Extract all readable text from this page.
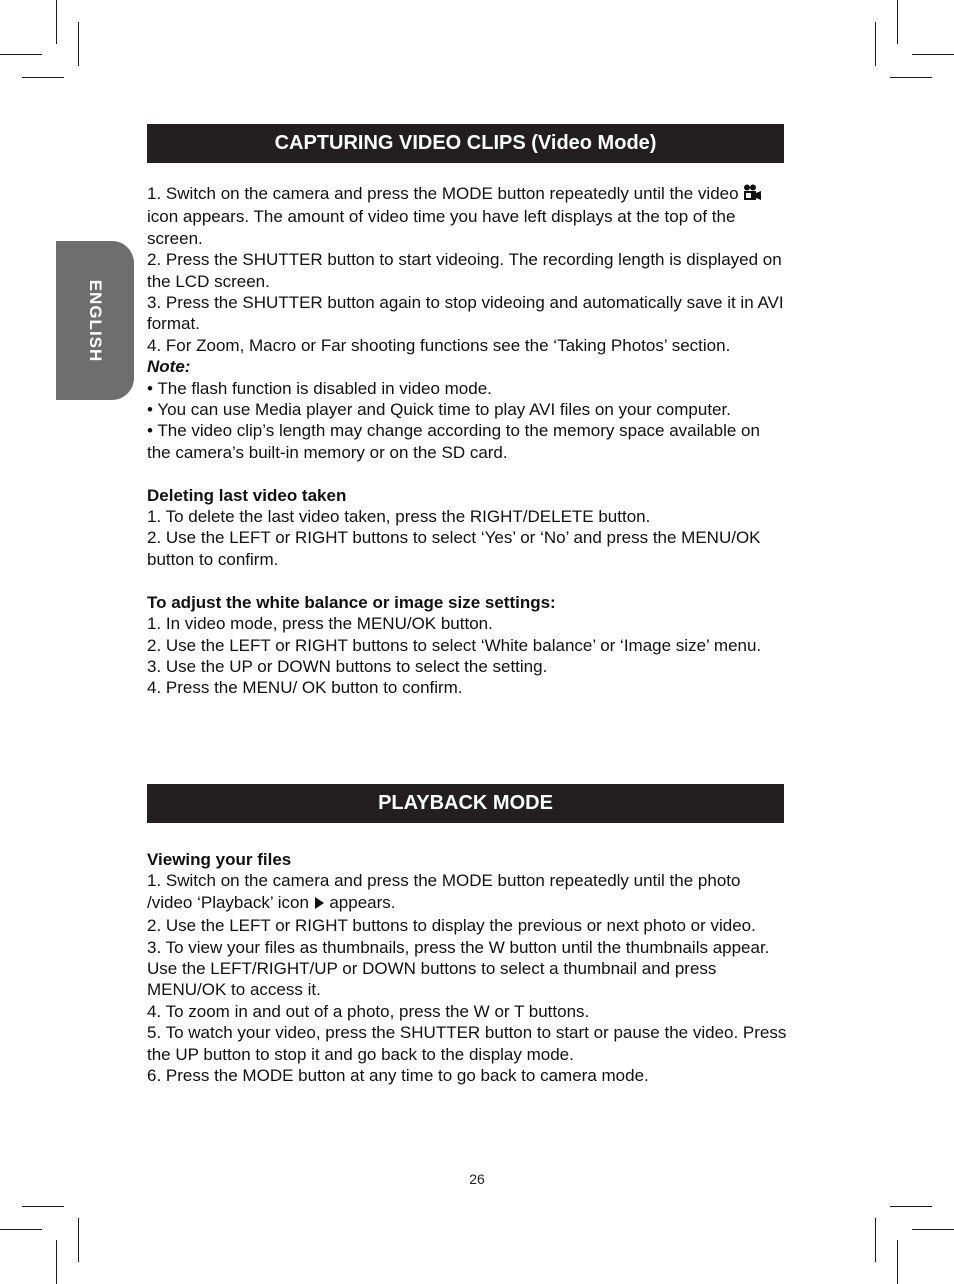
ENGLISH
CAPTURING VIDEO CLIPS (Video Mode)

1. Switch on the camera and press the MODE button repeatedly until the video  icon appears. The amount of video time you have left displays at the top of the screen.

2. Press the SHUTTER button to start videoing. The recording length is displayed on the LCD screen.

3. Press the SHUTTER button again to stop videoing and automatically save it in AVI format.

4. For Zoom, Macro or Far shooting functions see the ‘Taking Photos’ section.

Note:

• The flash function is disabled in video mode.

• You can use Media player and Quick time to play AVI files on your computer.

• The video clip’s length may change according to the memory space available on the camera’s built-in memory or on the SD card.

Deleting last video taken

1. To delete the last video taken, press the RIGHT/DELETE button.

2. Use the LEFT or RIGHT buttons to select ‘Yes’ or ‘No’ and press the MENU/OK button to confirm.

To adjust the white balance or image size settings:

1. In video mode, press the MENU/OK button.

2. Use the LEFT or RIGHT buttons to select ‘White balance’ or ‘Image size’ menu.

3. Use the UP or DOWN buttons to select the setting.

4. Press the MENU/ OK button to confirm.

PLAYBACK MODE

Viewing your files

1. Switch on the camera and press the MODE button repeatedly until the photo /video ‘Playback’ icon  appears.

2. Use the LEFT or RIGHT buttons to display the previous or next photo or video.

3. To view your files as thumbnails, press the W button until the thumbnails appear. Use the LEFT/RIGHT/UP or DOWN buttons to select a thumbnail and press MENU/OK to access it.

4. To zoom in and out of a photo, press the W or T buttons.

5. To watch your video, press the SHUTTER button to start or pause the video. Press the UP button to stop it and go back to the display mode.

6. Press the MODE button at any time to go back to camera mode.

26
